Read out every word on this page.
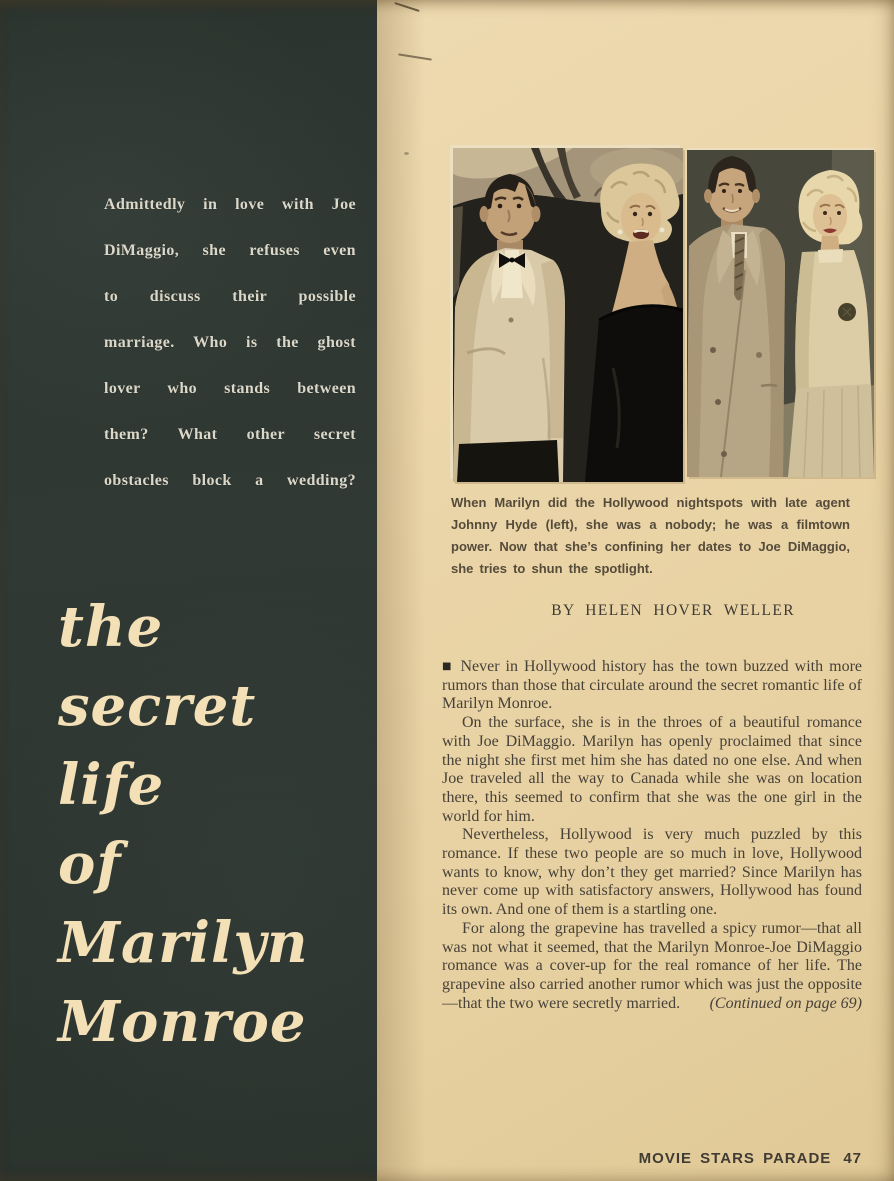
Admittedly in love with Joe
DiMaggio, she refuses even
to discuss their possible
marriage. Who is the ghost
lover who stands between
them? What other secret
obstacles block a wedding?
the
secret
life
of
Marilyn
Monroe

When Marilyn did the Hollywood nightspots with late agent Johnny Hyde (left), she was a nobody; he was a filmtown power. Now that she’s confining her dates to Joe DiMaggio, she tries to shun the spotlight.

BY HELEN HOVER WELLER

■ Never in Hollywood history has the town buzzed with more rumors than those that circulate around the secret romantic life of Marilyn Monroe.

On the surface, she is in the throes of a beautiful romance with Joe DiMaggio. Marilyn has openly proclaimed that since the night she first met him she has dated no one else. And when Joe traveled all the way to Canada while she was on location there, this seemed to confirm that she was the one girl in the world for him.

Nevertheless, Hollywood is very much puzzled by this romance. If these two people are so much in love, Hollywood wants to know, why don’t they get married? Since Marilyn has never come up with satisfactory answers, Hollywood has found its own. And one of them is a startling one.

For along the grapevine has travelled a spicy rumor—that all was not what it seemed, that the Marilyn Monroe-Joe DiMaggio romance was a cover-up for the real romance of her life. The grapevine also carried another rumor which was just the opposite—that the two were secretly married.	(Continued on page 69)

MOVIE STARS PARADE 47
